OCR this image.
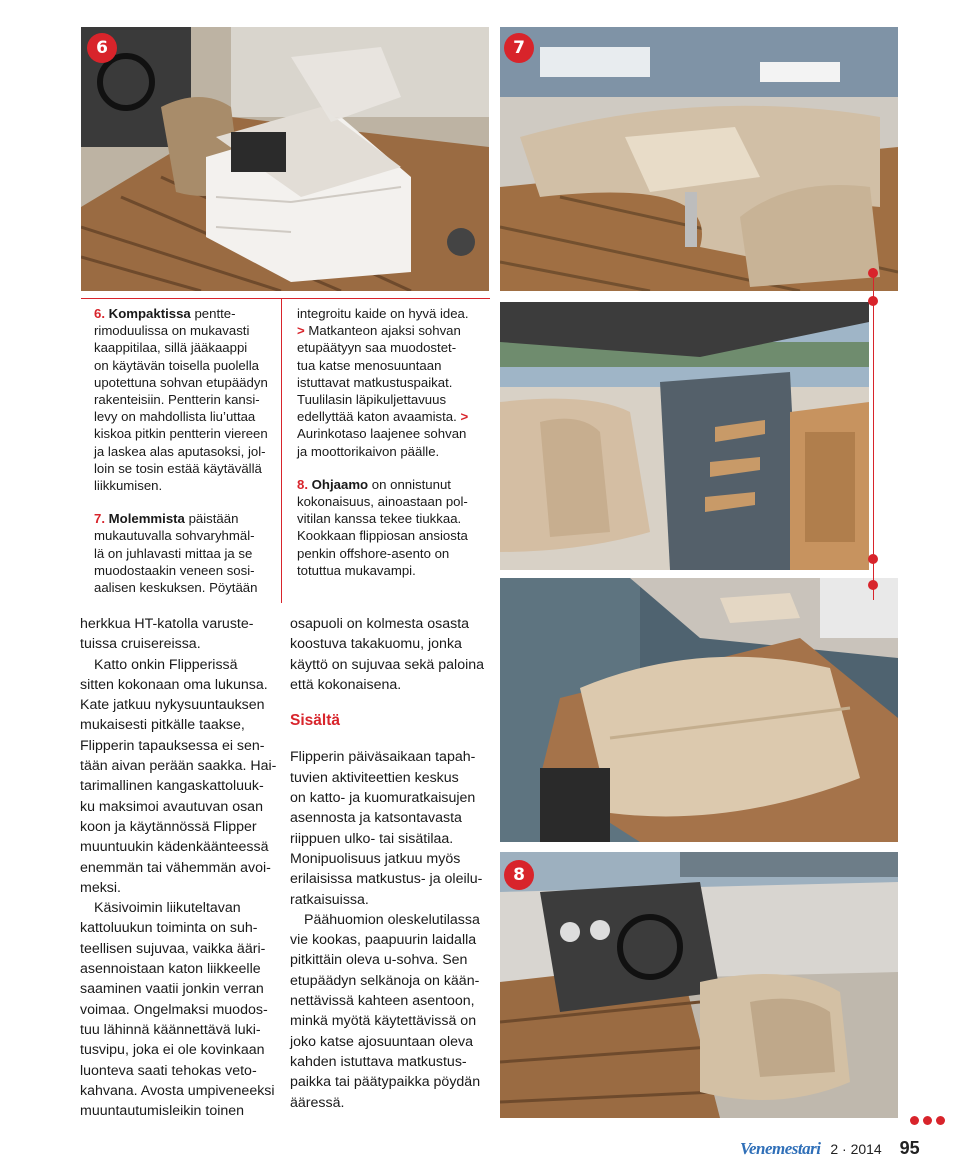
6	7
8

6. Kompaktissa pentte-
rimoduulissa on mukavasti
kaappitilaa, sillä jääkaappi
on käytävän toisella puolella
upotettuna sohvan etupäädyn
rakenteisiin. Pentterin kansi-
levy on mahdollista liu’uttaa
kiskoa pitkin pentterin viereen
ja laskea alas aputasoksi, jol-
loin se tosin estää käytävällä
liikkumisen.

7. Molemmista päistään
mukautuvalla sohvaryhmäl-
lä on juhlavasti mittaa ja se
muodostaakin veneen sosi-
aalisen keskuksen. Pöytään

integroitu kaide on hyvä idea.
> Matkanteon ajaksi sohvan
etupäätyyn saa muodostet-
tua katse menosuuntaan
istuttavat matkustuspaikat.
Tuulilasin läpikuljettavuus
edellyttää katon avaamista. >
Aurinkotaso laajenee sohvan
ja moottorikaivon päälle.

8. Ohjaamo on onnistunut
kokonaisuus, ainoastaan pol-
vitilan kanssa tekee tiukkaa.
Kookkaan flippiosan ansiosta
penkin offshore-asento on
totuttua mukavampi.

herkkua HT-katolla varuste-
tuissa cruisereissa.

Katto onkin Flipperissä
sitten kokonaan oma lukunsa.
Kate jatkuu nykysuuntauksen
mukaisesti pitkälle taakse,
Flipperin tapauksessa ei sen-
tään aivan perään saakka. Hai-
tarimallinen kangaskattoluuk-
ku maksimoi avautuvan osan
koon ja käytännössä Flipper
muuntuukin kädenkäänteessä
enemmän tai vähemmän avoi-
meksi.

Käsivoimin liikuteltavan
kattoluukun toiminta on suh-
teellisen sujuvaa, vaikka ääri-
asennoistaan katon liikkeelle
saaminen vaatii jonkin verran
voimaa. Ongelmaksi muodos-
tuu lähinnä käännettävä luki-
tusvipu, joka ei ole kovinkaan
luonteva saati tehokas veto-
kahvana. Avosta umpiveneeksi
muuntautumisleikin toinen

osapuoli on kolmesta osasta
koostuva takakuomu, jonka
käyttö on sujuvaa sekä paloina
että kokonaisena.

Sisältä

Flipperin päiväsaikaan tapah-
tuvien aktiviteettien keskus
on katto- ja kuomuratkaisujen
asennosta ja katsontavasta
riippuen ulko- tai sisätilaa.
Monipuolisuus jatkuu myös
erilaisissa matkustus- ja oleilu-
ratkaisuissa.

Päähuomion oleskelutilassa
vie kookas, paapuurin laidalla
pitkittäin oleva u-sohva. Sen
etupäädyn selkänoja on kään-
nettävissä kahteen asentoon,
minkä myötä käytettävissä on
joko katse ajosuuntaan oleva
kahden istuttava matkustus-
paikka tai päätypaikka pöydän
ääressä.

Venemestari 2 · 2014 95
